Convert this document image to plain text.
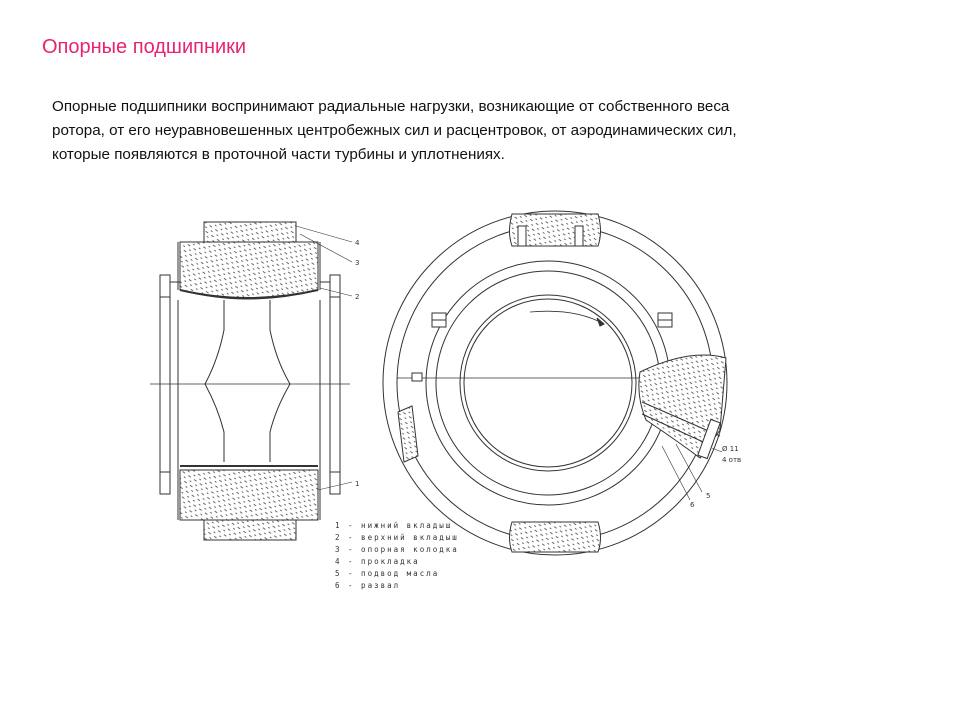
Опорные подшипники
Опорные подшипники воспринимают радиальные нагрузки, возникающие от собственного веса
ротора, от его неуравновешенных центробежных сил и расцентровок, от аэродинамических сил,
которые появляются в проточной части турбины и уплотнениях.
4
3
2
1
5
6
Ø 11
4 отв
1 - нижний вкладыш
2 - верхний вкладыш
3 - опорная колодка
4 - прокладка
5 - подвод масла
6 - развал
